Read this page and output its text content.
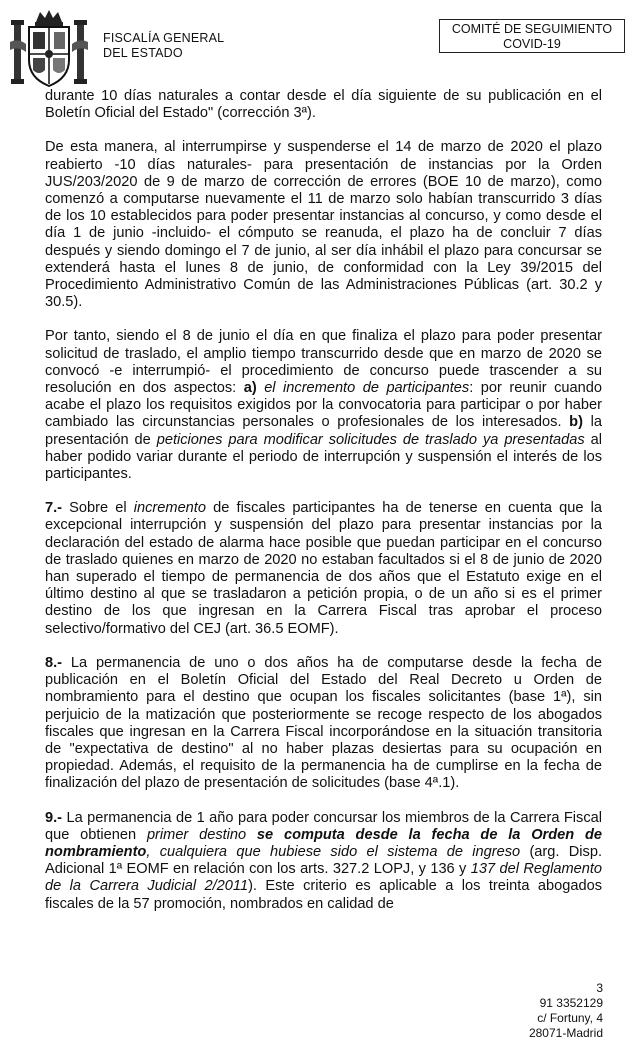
FISCALÍA GENERAL
DEL ESTADO
COMITÉ DE SEGUIMIENTO
COVID-19

durante 10 días naturales a contar desde el día siguiente de su publicación en el Boletín Oficial del Estado" (corrección 3ª).

De esta manera, al interrumpirse y suspenderse el 14 de marzo de 2020 el plazo reabierto -10 días naturales- para presentación de instancias por la Orden JUS/203/2020 de 9 de marzo de corrección de errores (BOE 10 de marzo), como comenzó a computarse nuevamente el 11 de marzo solo habían transcurrido 3 días de los 10 establecidos para poder presentar instancias al concurso, y como desde el día 1 de junio -incluido- el cómputo se reanuda, el plazo ha de concluir 7 días después y siendo domingo el 7 de junio, al ser día inhábil el plazo para concursar se extenderá hasta el lunes 8 de junio, de conformidad con la Ley 39/2015 del Procedimiento Administrativo Común de las Administraciones Públicas (art. 30.2 y 30.5).

Por tanto, siendo el 8 de junio el día en que finaliza el plazo para poder presentar solicitud de traslado, el amplio tiempo transcurrido desde que en marzo de 2020 se convocó -e interrumpió- el procedimiento de concurso puede trascender a su resolución en dos aspectos: a) el incremento de participantes: por reunir cuando acabe el plazo los requisitos exigidos por la convocatoria para participar o por haber cambiado las circunstancias personales o profesionales de los interesados. b) la presentación de peticiones para modificar solicitudes de traslado ya presentadas al haber podido variar durante el periodo de interrupción y suspensión el interés de los participantes.

7.- Sobre el incremento de fiscales participantes ha de tenerse en cuenta que la excepcional interrupción y suspensión del plazo para presentar instancias por la declaración del estado de alarma hace posible que puedan participar en el concurso de traslado quienes en marzo de 2020 no estaban facultados si el 8 de junio de 2020 han superado el tiempo de permanencia de dos años que el Estatuto exige en el último destino al que se trasladaron a petición propia, o de un año si es el primer destino de los que ingresan en la Carrera Fiscal tras aprobar el proceso selectivo/formativo del CEJ (art. 36.5 EOMF).

8.- La permanencia de uno o dos años ha de computarse desde la fecha de publicación en el Boletín Oficial del Estado del Real Decreto u Orden de nombramiento para el destino que ocupan los fiscales solicitantes (base 1ª), sin perjuicio de la matización que posteriormente se recoge respecto de los abogados fiscales que ingresan en la Carrera Fiscal incorporándose en la situación transitoria de "expectativa de destino" al no haber plazas desiertas para su ocupación en propiedad. Además, el requisito de la permanencia ha de cumplirse en la fecha de finalización del plazo de presentación de solicitudes (base 4ª.1).

9.- La permanencia de 1 año para poder concursar los miembros de la Carrera Fiscal que obtienen primer destino se computa desde la fecha de la Orden de nombramiento, cualquiera que hubiese sido el sistema de ingreso (arg. Disp. Adicional 1ª EOMF en relación con los arts. 327.2 LOPJ, y 136 y 137 del Reglamento de la Carrera Judicial 2/2011). Este criterio es aplicable a los treinta abogados fiscales de la 57 promoción, nombrados en calidad de

3
91 3352129
c/ Fortuny, 4
28071-Madrid
